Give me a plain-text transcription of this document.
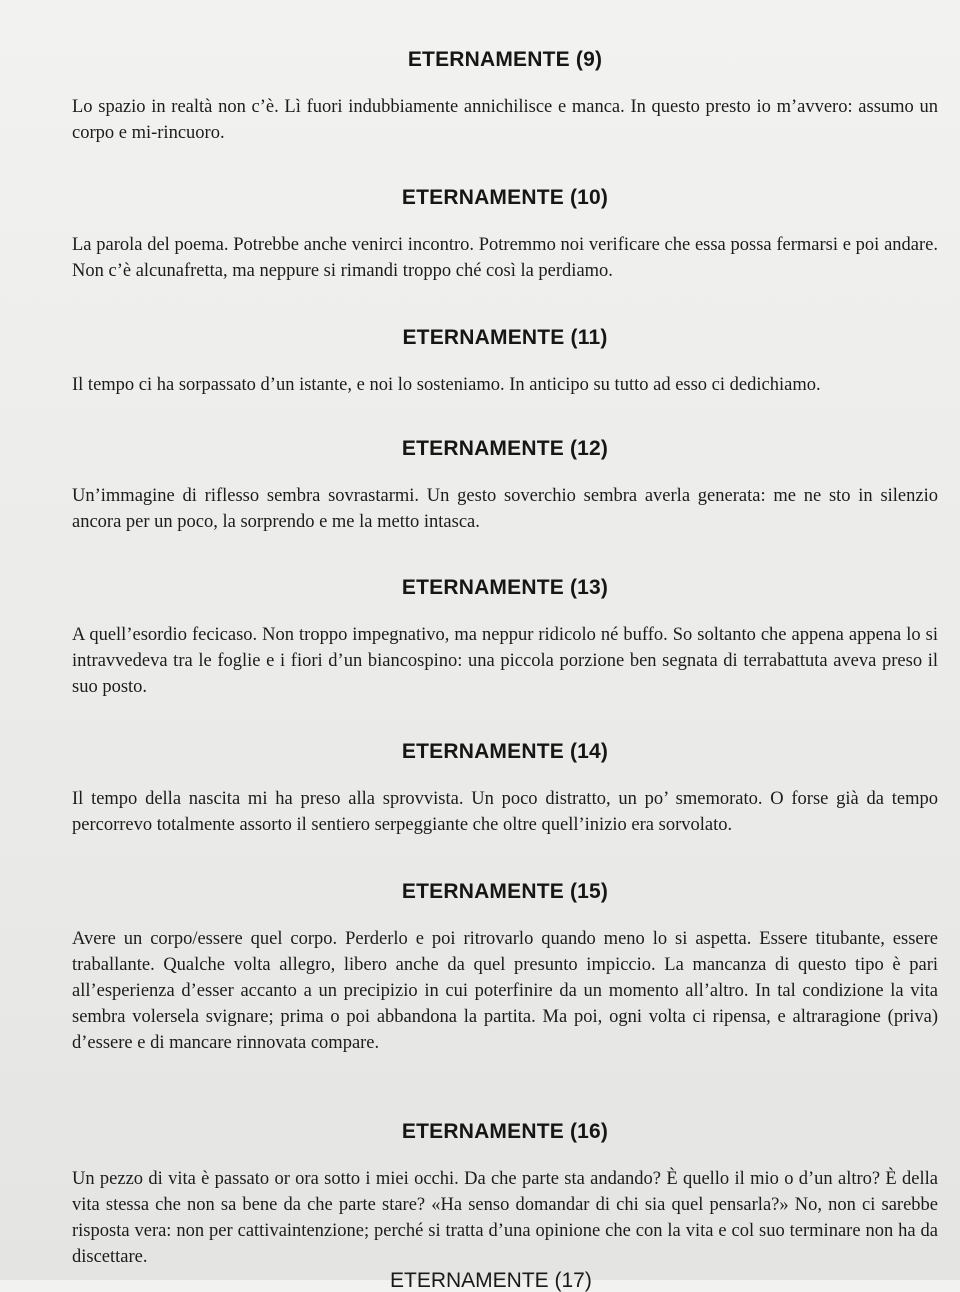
ETERNAMENTE (9)

Lo spazio in realtà non c’è. Lì fuori indubbiamente annichilisce e manca. In questo presto io m’avvero: assumo un corpo e mi-rincuoro.

ETERNAMENTE (10)

La parola del poema. Potrebbe anche venirci incontro. Potremmo noi verificare che essa possa fermarsi e poi andare. Non c’è alcunafretta, ma neppure si rimandi troppo ché così la perdiamo.

ETERNAMENTE (11)

Il tempo ci ha sorpassato d’un istante, e noi lo sosteniamo. In anticipo su tutto ad esso ci dedichiamo.

ETERNAMENTE (12)

Un’immagine di riflesso sembra sovrastarmi. Un gesto soverchio sembra averla generata: me ne sto in silenzio ancora per un poco, la sorprendo e me la metto intasca.

ETERNAMENTE (13)

A quell’esordio fecicaso. Non troppo impegnativo, ma neppur ridicolo né buffo. So soltanto che appena appena lo si intravvedeva tra le foglie e i fiori d’un biancospino: una piccola porzione ben segnata di terrabattuta aveva preso il suo posto.

ETERNAMENTE (14)

Il tempo della nascita mi ha preso alla sprovvista. Un poco distratto, un po’ smemorato. O forse già da tempo percorrevo totalmente assorto il sentiero serpeggiante che oltre quell’inizio era sorvolato.

ETERNAMENTE (15)

Avere un corpo/essere quel corpo. Perderlo e poi ritrovarlo quando meno lo si aspetta. Essere titubante, essere traballante. Qualche volta allegro, libero anche da quel presunto impiccio. La mancanza di questo tipo è pari all’esperienza d’esser accanto a un precipizio in cui poterfinire da un momento all’altro. In tal condizione la vita sembra volersela svignare; prima o poi abbandona la partita. Ma poi, ogni volta ci ripensa, e altraragione (priva) d’essere e di mancare rinnovata compare.

ETERNAMENTE (16)

Un pezzo di vita è passato or ora sotto i miei occhi. Da che parte sta andando? È quello il mio o d’un altro? È della vita stessa che non sa bene da che parte stare? «Ha senso domandar di chi sia quel pensarla?» No, non ci sarebbe risposta vera: non per cattivaintenzione; perché si tratta d’una opinione che con la vita e col suo terminare non ha da discettare.

ETERNAMENTE (17)
